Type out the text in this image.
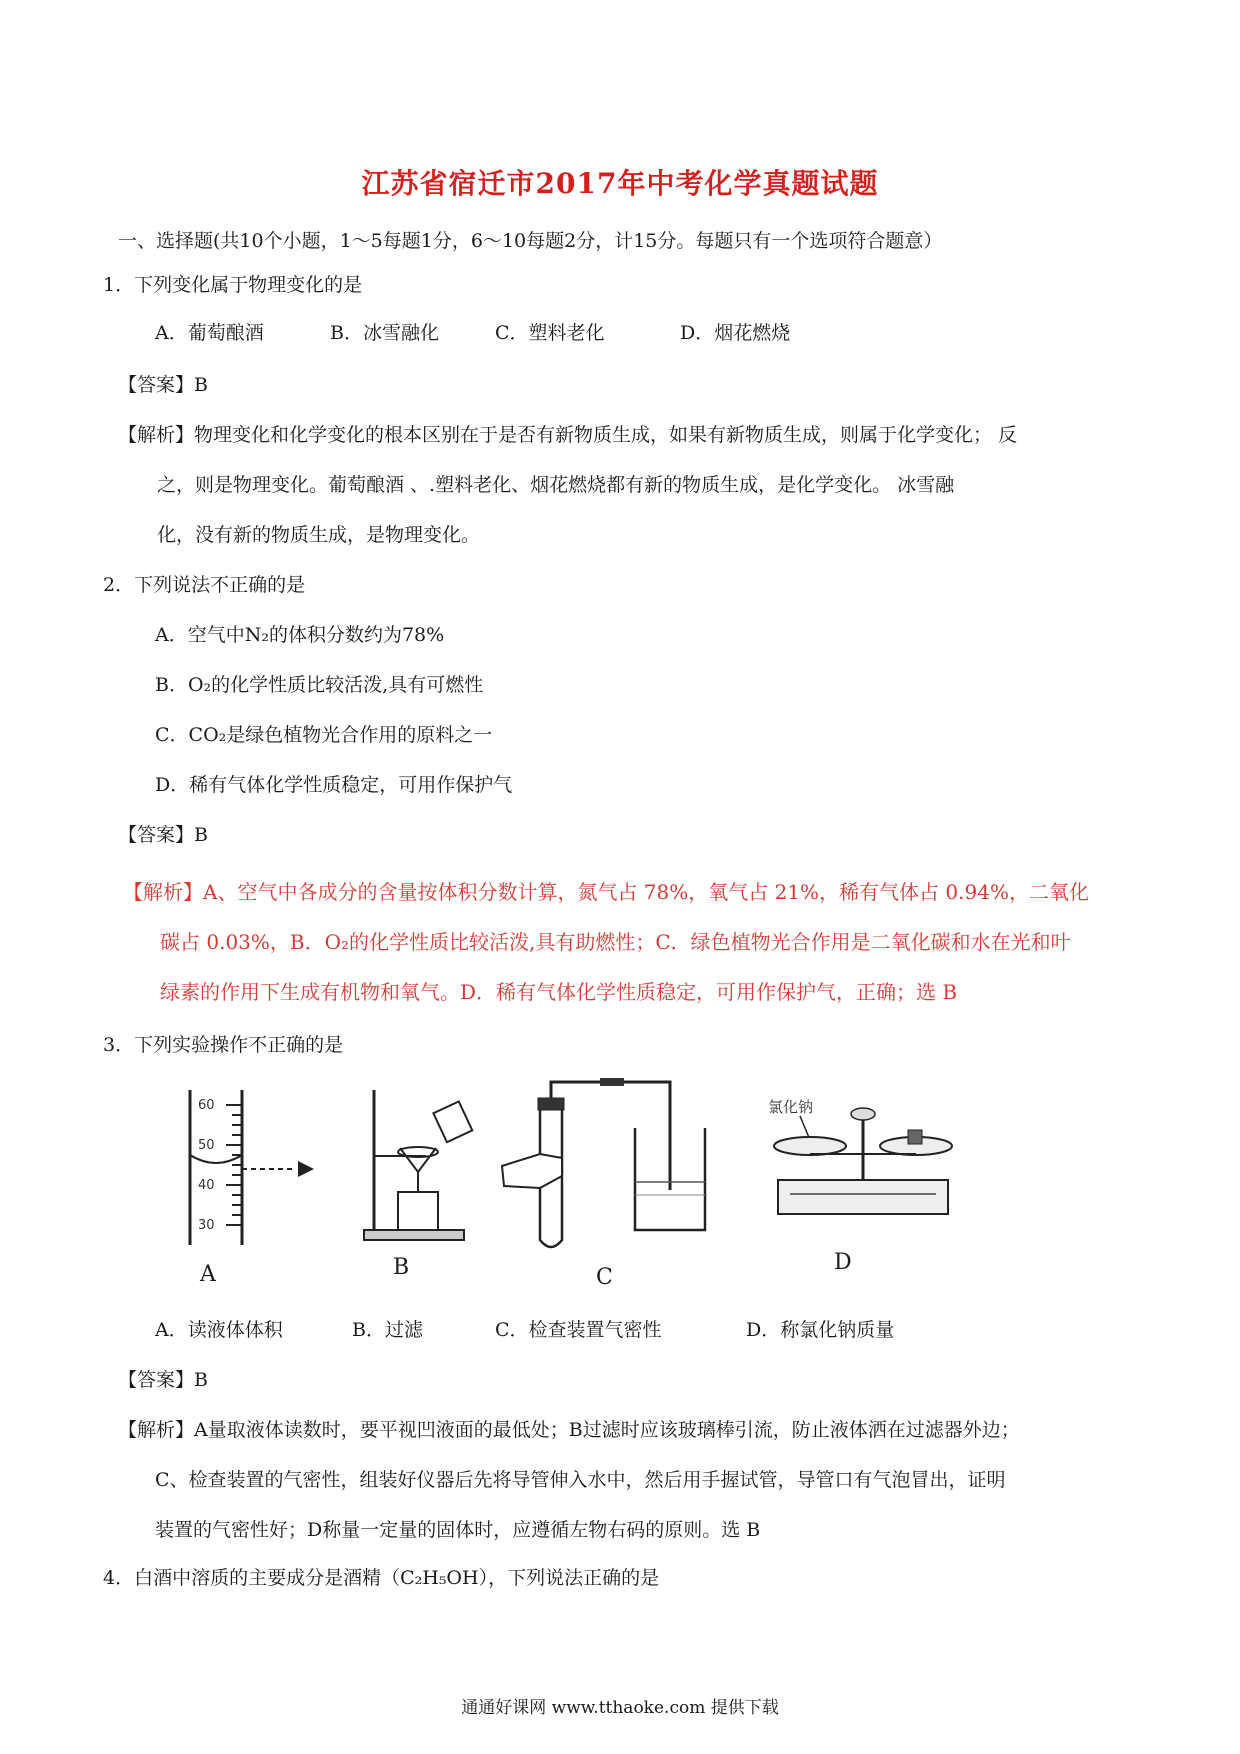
江苏省宿迁市2017年中考化学真题试题
一、选择题(共10个小题，1～5每题1分，6～10每题2分，计15分。每题只有一个选项符合题意）
1．下列变化属于物理变化的是
A．葡萄酿酒	B．冰雪融化	C．塑料老化	D．烟花燃烧
【答案】B
【解析】物理变化和化学变化的根本区别在于是否有新物质生成，如果有新物质生成，则属于化学变化； 反
之，则是物理变化。葡萄酿酒 、.塑料老化、烟花燃烧都有新的物质生成，是化学变化。 冰雪融
化，没有新的物质生成，是物理变化。
2．下列说法不正确的是
A．空气中N₂的体积分数约为78%
B．O₂的化学性质比较活泼,具有可燃性
C．CO₂是绿色植物光合作用的原料之一
D．稀有气体化学性质稳定，可用作保护气
【答案】B
【解析】A、空气中各成分的含量按体积分数计算，氮气占 78%，氧气占 21%，稀有气体占 0.94%，二氧化
碳占 0.03%，B．O₂的化学性质比较活泼,具有助燃性；C．绿色植物光合作用是二氧化碳和水在光和叶
绿素的作用下生成有机物和氧气。D．稀有气体化学性质稳定，可用作保护气，正确；选 B
3．下列实验操作不正确的是
60
50
40
30
A	B	C
氯化钠
D
A．读液体体积	B．过滤	C．检查装置气密性	D．称氯化钠质量
【答案】B
【解析】A量取液体读数时，要平视凹液面的最低处；B过滤时应该玻璃棒引流，防止液体洒在过滤器外边；
C、检查装置的气密性，组装好仪器后先将导管伸入水中，然后用手握试管，导管口有气泡冒出，证明
装置的气密性好；D称量一定量的固体时，应遵循左物右码的原则。选 B
4．白酒中溶质的主要成分是酒精（C₂H₅OH），下列说法正确的是
通通好课网 www.tthaoke.com 提供下载
